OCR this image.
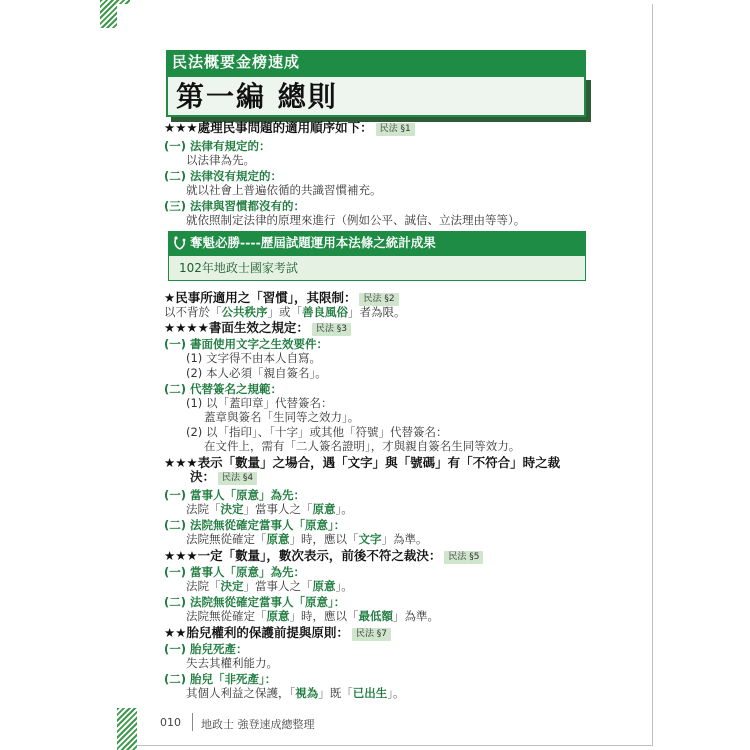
民法概要金榜速成
第一編 總則
★★★處理民事問題的適用順序如下： 民法 §1
(一) 法律有規定的：
以法律為先。
(二) 法律沒有規定的：
就以社會上普遍依循的共識習慣補充。
(三) 法律與習慣都沒有的：
就依照制定法律的原理來進行（例如公平、誠信、立法理由等等）。
奪魁必勝----歷屆試題運用本法條之統計成果
102年地政士國家考試
★民事所適用之「習慣」，其限制： 民法 §2
以不背於「公共秩序」或「善良風俗」者為限。
★★★★書面生效之規定： 民法 §3
(一) 書面使用文字之生效要件：
(1) 文字得不由本人自寫。
(2) 本人必須「親自簽名」。
(二) 代替簽名之規範：
(1) 以「蓋印章」代替簽名：
蓋章與簽名「生同等之效力」。
(2) 以「指印」、「十字」或其他「符號」代替簽名：
在文件上，需有「二人簽名證明」，才與親自簽名生同等效力。
★★★表示「數量」之場合，遇「文字」與「號碼」有「不符合」時之裁
決： 民法 §4
(一) 當事人「原意」為先：
法院「決定」當事人之「原意」。
(二) 法院無從確定當事人「原意」：
法院無從確定「原意」時，應以「文字」為準。
★★★一定「數量」，數次表示，前後不符之裁決： 民法 §5
(一) 當事人「原意」為先：
法院「決定」當事人之「原意」。
(二) 法院無從確定當事人「原意」：
法院無從確定「原意」時，應以「最低額」為準。
★★胎兒權利的保護前提與原則： 民法 §7
(一) 胎兒死產：
失去其權利能力。
(二) 胎兒「非死產」：
其個人利益之保護，「視為」既「已出生」。
010 地政士 強登速成總整理
